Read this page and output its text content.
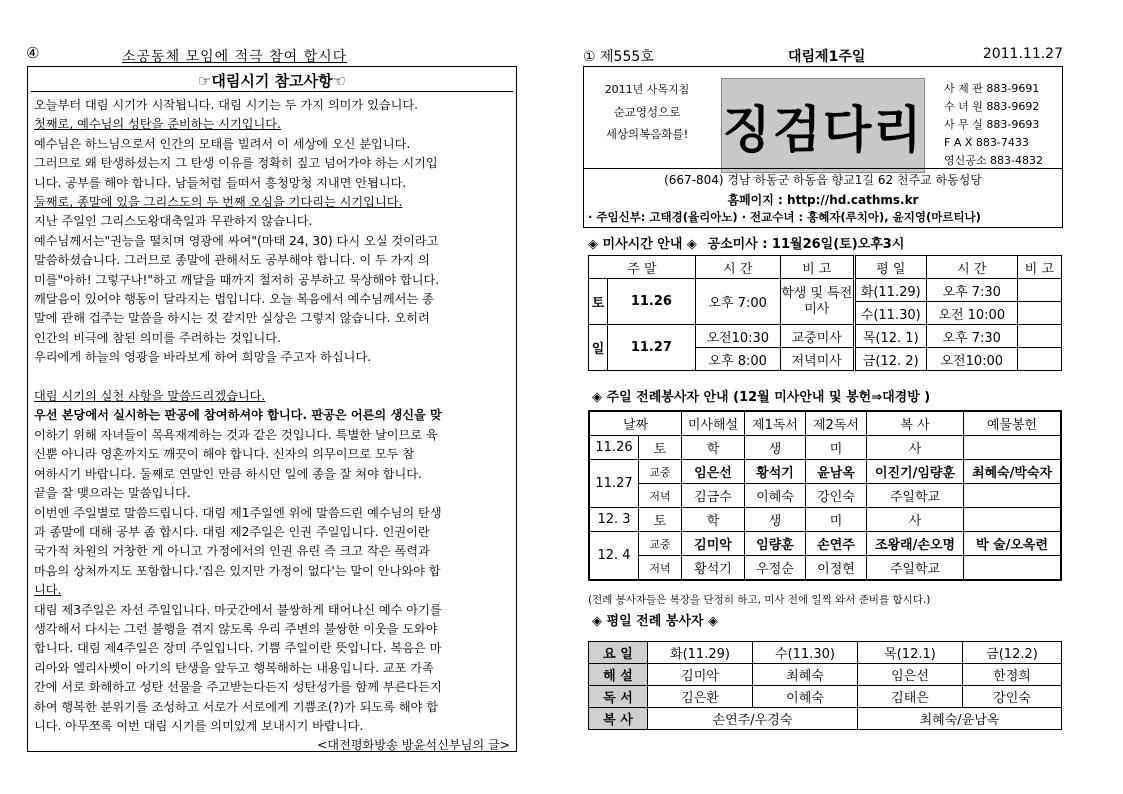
④	소공동체 모임에 적극 참여 합시다
☞대림시기 참고사항☜

오늘부터 대림 시기가 시작됩니다. 대림 시기는 두 가지 의미가 있습니다.

첫째로, 예수님의 성탄을 준비하는 시기입니다.

예수님은 하느님으로서 인간의 모태를 빌려서 이 세상에 오신 분입니다.

그러므로 왜 탄생하셨는지 그 탄생 이유를 정확히 짚고 넘어가야 하는 시기입

니다. 공부를 해야 합니다. 남들처럼 들떠서 흥청망청 지내면 안됩니다.

둘째로, 종말에 있을 그리스도의 두 번째 오심을 기다리는 시기입니다.

지난 주일인 그리스도왕대축일과 무관하지 않습니다.

예수님께서는"권능을 떨치며 영광에 싸여"(마태 24, 30) 다시 오실 것이라고

말씀하셨습니다. 그러므로 종말에 관해서도 공부해야 합니다. 이 두 가지 의

미를"아하! 그렇구나!"하고 깨달을 때까지 철저히 공부하고 묵상해야 합니다.

깨달음이 있어야 행동이 달라지는 법입니다. 오늘 복음에서 예수님께서는 종

말에 관해 겁주는 말씀을 하시는 것 같지만 실상은 그렇지 않습니다. 오히려

인간의 비극에 참된 의미를 주려하는 것입니다.

우리에게 하늘의 영광을 바라보게 하여 희망을 주고자 하십니다.

대림 시기의 실천 사항을 말씀드리겠습니다.

우선 본당에서 실시하는 판공에 참여하셔야 합니다. 판공은 어른의 생신을 맞

이하기 위해 자녀들이 목욕재계하는 것과 같은 것입니다. 특별한 날이므로 육

신뿐 아니라 영혼까지도 깨끗이 해야 합니다. 신자의 의무이므로 모두 참

여하시기 바랍니다. 둘째로 연말인 만큼 하시던 일에 종을 잘 쳐야 합니다.

끝을 잘 맺으라는 말씀입니다.

이번엔 주일별로 말씀드립니다. 대림 제1주일엔 위에 말씀드린 예수님의 탄생

과 종말에 대해 공부 좀 합시다. 대림 제2주일은 인권 주일입니다. 인권이란

국가적 차원의 거창한 게 아니고 가정에서의 인권 유린 즉 크고 작은 폭력과

마음의 상처까지도 포함합니다.'집은 있지만 가정이 없다'는 말이 안나와야 합

니다.

대림 제3주일은 자선 주일입니다. 마굿간에서 불쌍하게 태어나신 예수 아기를

생각해서 다시는 그런 불행을 겪지 않도록 우리 주변의 불쌍한 이웃을 도와야

합니다. 대림 제4주일은 장미 주일입니다. 기쁨 주일이란 뜻입니다. 복음은 마

리아와 엘리사벳이 아기의 탄생을 앞두고 행복해하는 내용입니다. 교포 가족

간에 서로 화해하고 성탄 선물을 주고받는다든지 성탄성가를 함께 부른다든지

하여 행복한 분위기를 조성하고 서로가 서로에게 기쁨조(?)가 되도록 해야 합

니다. 아무쪼록 이번 대림 시기를 의미있게 보내시기 바랍니다.

<대전평화방송 방윤석신부님의 글>

① 제555호	대림제1주일	2011.11.27
2011년 사목지침
순교영성으로
세상의복음화를! 징검다리
사 제 관 883-9691
수 녀 원 883-9692
사 무 실 883-9693
F A X 883-7433
영신공소 883-4832
(667-804) 경남 하동군 하동읍 향교1길 62 천주교 하동성당
홈페이지 : http://hd.cathms.kr
· 주임신부: 고태경(율리아노) · 전교수녀 : 홍혜자(루치아), 윤지영(마르티나)
◈ 미사시간 안내 ◈ 공소미사 : 11월26일(토)오후3시
주 말		시 간	비 고	평 일	시 간	비 고
토	11.26	오후 7:00	학생 및 특전미사	화(11.29)	오후 7:30	
				수(11.30)	오전 10:00	
일	11.27	오전10:30	교중미사	목(12. 1)	오후 7:30	
		오후 8:00	저녁미사	금(12. 2)	오전10:00	
◈ 주일 전례봉사자 안내 (12월 미사안내 및 봉헌⇒대경방 )
날짜		미사해설	제1독서	제2독서	복 사	예물봉헌
11.26	토	학	생	미	사	
11.27	교중	임은선	황석기	윤남옥	이진기/임량훈	최혜숙/박숙자
	저녁	김금수	이혜숙	강인숙	주일학교	
12. 3	토	학	생	미	사	
12. 4	교중	김미악	임량훈	손연주	조왕래/손오명	박 술/오옥련
	저녁	황석기	우정순	이정현	주일학교	
(전례 봉사자들은 복장을 단정히 하고, 미사 전에 일찍 와서 준비를 합시다.)
◈ 평일 전례 봉사자 ◈
요 일	화(11.29)	수(11.30)	목(12.1)	금(12.2)
해 설	김미악	최혜숙	임은선	한정희
독 서	김은환	이혜숙	김태은	강인숙
복 사	손연주/우경숙		최혜숙/윤남옥	
